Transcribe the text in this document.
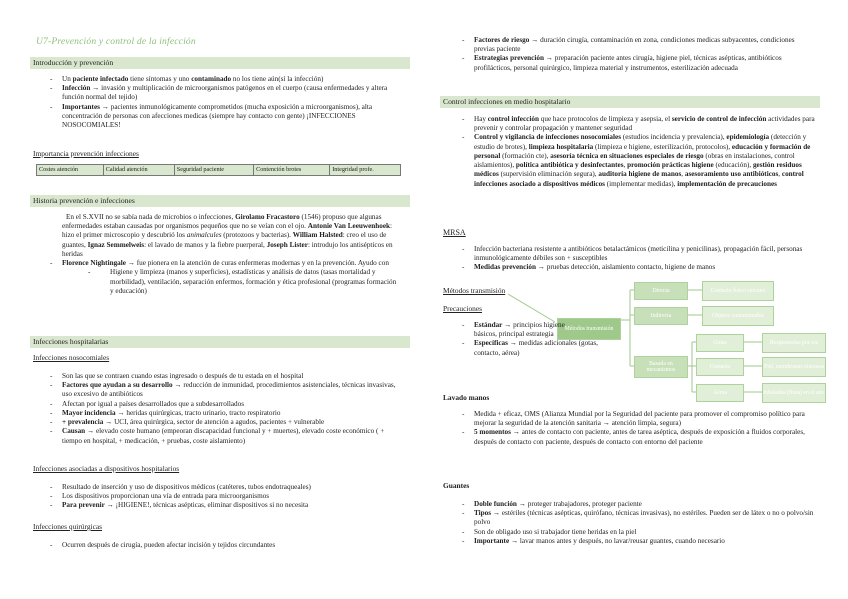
U7-Prevención y control de la infección
Introducción y prevención
- Un paciente infectado tiene síntomas y uno contaminado no los tiene aún(sí la infección)
- Infección → invasión y multiplicación de microorganismos patógenos en el cuerpo (causa enfermedades y altera función normal del tejido)
- Importantes → pacientes inmunológicamente comprometidos (mucha exposición a microorganismos), alta concentración de personas con afecciones medicas (siempre hay contacto con gente) ¡INFECCIONES NOSOCOMIALES!
Importancia prevención infecciones
Costes atención	Calidad atención	Seguridad paciente	Contención brotes	Integridad profe.
Historia prevención e infecciones
En el S.XVII no se sabía nada de microbios o infecciones, Girolamo Fracastoro (1546) propuso que algunas enfermedades estaban causadas por organismos pequeños que no se veían con el ojo. Antonie Van Leeuwenhoek: hizo el primer microscopio y descubrió los animalcules (protozoos y bacterias). William Halsted: creo el uso de guantes, Ignaz Semmelweis: el lavado de manos y la fiebre puerperal, Joseph Lister: introdujo los antisépticos en heridas
- Florence Nightingale → fue pionera en la atención de curas enfermeras modernas y en la prevención. Ayudo con
-	Higiene y limpieza (manos y superficies), estadísticas y análisis de datos (tasas mortalidad y morbilidad), ventilación, separación enfermos, formación y ética profesional (programas formación y educación)
Infecciones hospitalarias
Infecciones nosocomiales
- Son las que se contraen cuando estas ingresado o después de tu estada en el hospital
- Factores que ayudan a su desarrollo → reducción de inmunidad, procedimientos asistenciales, técnicas invasivas, uso excesivo de antibióticos
- Afectan por igual a países desarrollados que a subdesarrollados
- Mayor incidencia → heridas quirúrgicas, tracto urinario, tracto respiratorio
- + prevalencia → UCI, área quirúrgica, sector de atención a agudos, pacientes + vulnerable
- Causan → elevado coste humano (empeoran discapacidad funcional y + muertes), elevado coste económico ( + tiempo en hospital, + medicación, + pruebas, coste aislamiento)
Infecciones asociadas a dispositivos hospitalarios
- Resultado de inserción y uso de dispositivos médicos (catéteres, tubos endotraqueales)
- Los dispositivos proporcionan una vía de entrada para microorganismos
- Para prevenir → ¡HIGIENE!, técnicas asépticas, eliminar dispositivos si no necesita
Infecciones quirúrgicas
- Ocurren después de cirugía, pueden afectar incisión y tejidos circundantes
- Factores de riesgo → duración cirugía, contaminación en zona, condiciones medicas subyacentes, condiciones previas paciente
- Estrategias prevención → preparación paciente antes cirugía, higiene piel, técnicas asépticas, antibióticos profilácticos, personal quirúrgico, limpieza material y instrumentos, esterilización adecuada
Control infecciones en medio hospitalario
- Hay control infección que hace protocolos de limpieza y asepsia, el servicio de control de infección actividades para prevenir y controlar propagación y mantener seguridad
- Control y vigilancia de infecciones nosocomiales (estudios incidencia y prevalencia), epidemiología (detección y estudio de brotes), limpieza hospitalaria (limpieza e higiene, esterilización, protocolos), educación y formación de personal (formación cte), asesoría técnica en situaciones especiales de riesgo (obras en instalaciones, control aislamientos), política antibiótica y desinfectantes, promoción prácticas higiene (educación), gestión residuos médicos (supervisión eliminación segura), auditoría higiene de manos, asesoramiento uso antibióticos, control infecciones asociado a dispositivos médicos (implementar medidas), implementación de precauciones
MRSA
- Infección bacteriana resistente a antibióticos betalactámicos (meticilina y penicilinas), propagación fácil, personas inmunológicamente débiles son + susceptibles
- Medidas prevención → pruebas detección, aislamiento contacto, higiene de manos
Métodos transmisión
Métodos transmisión
Directa
Indirecta
Basada en mecanismos
Contacto físico cercano
Objetos contaminados
Gotas
Contacto
Aérea
Respiratorias por tos
Piel, membranas mucosas
Inhaladas (finas) en el aire
Precauciones
- Estándar → principios higiene básicos, principal estrategia
- Específicas → medidas adicionales (gotas, contacto, aérea)
Lavado manos
- Medida + eficaz, OMS (Alianza Mundial por la Seguridad del paciente para promover el compromiso político para mejorar la seguridad de la atención sanitaria → atención limpia, segura)
- 5 momentos → antes de contacto con paciente, antes de tarea aséptica, después de exposición a fluidos corporales, después de contacto con paciente, después de contacto con entorno del paciente
Guantes
- Doble función → proteger trabajadores, proteger paciente
- Tipos → estériles (técnicas asépticas, quirófano, técnicas invasivas), no estériles. Pueden ser de látex o no o polvo/sin polvo
- Son de obligado uso si trabajador tiene heridas en la piel
- Importante → lavar manos antes y después, no lavar/reusar guantes, cuando necesario
